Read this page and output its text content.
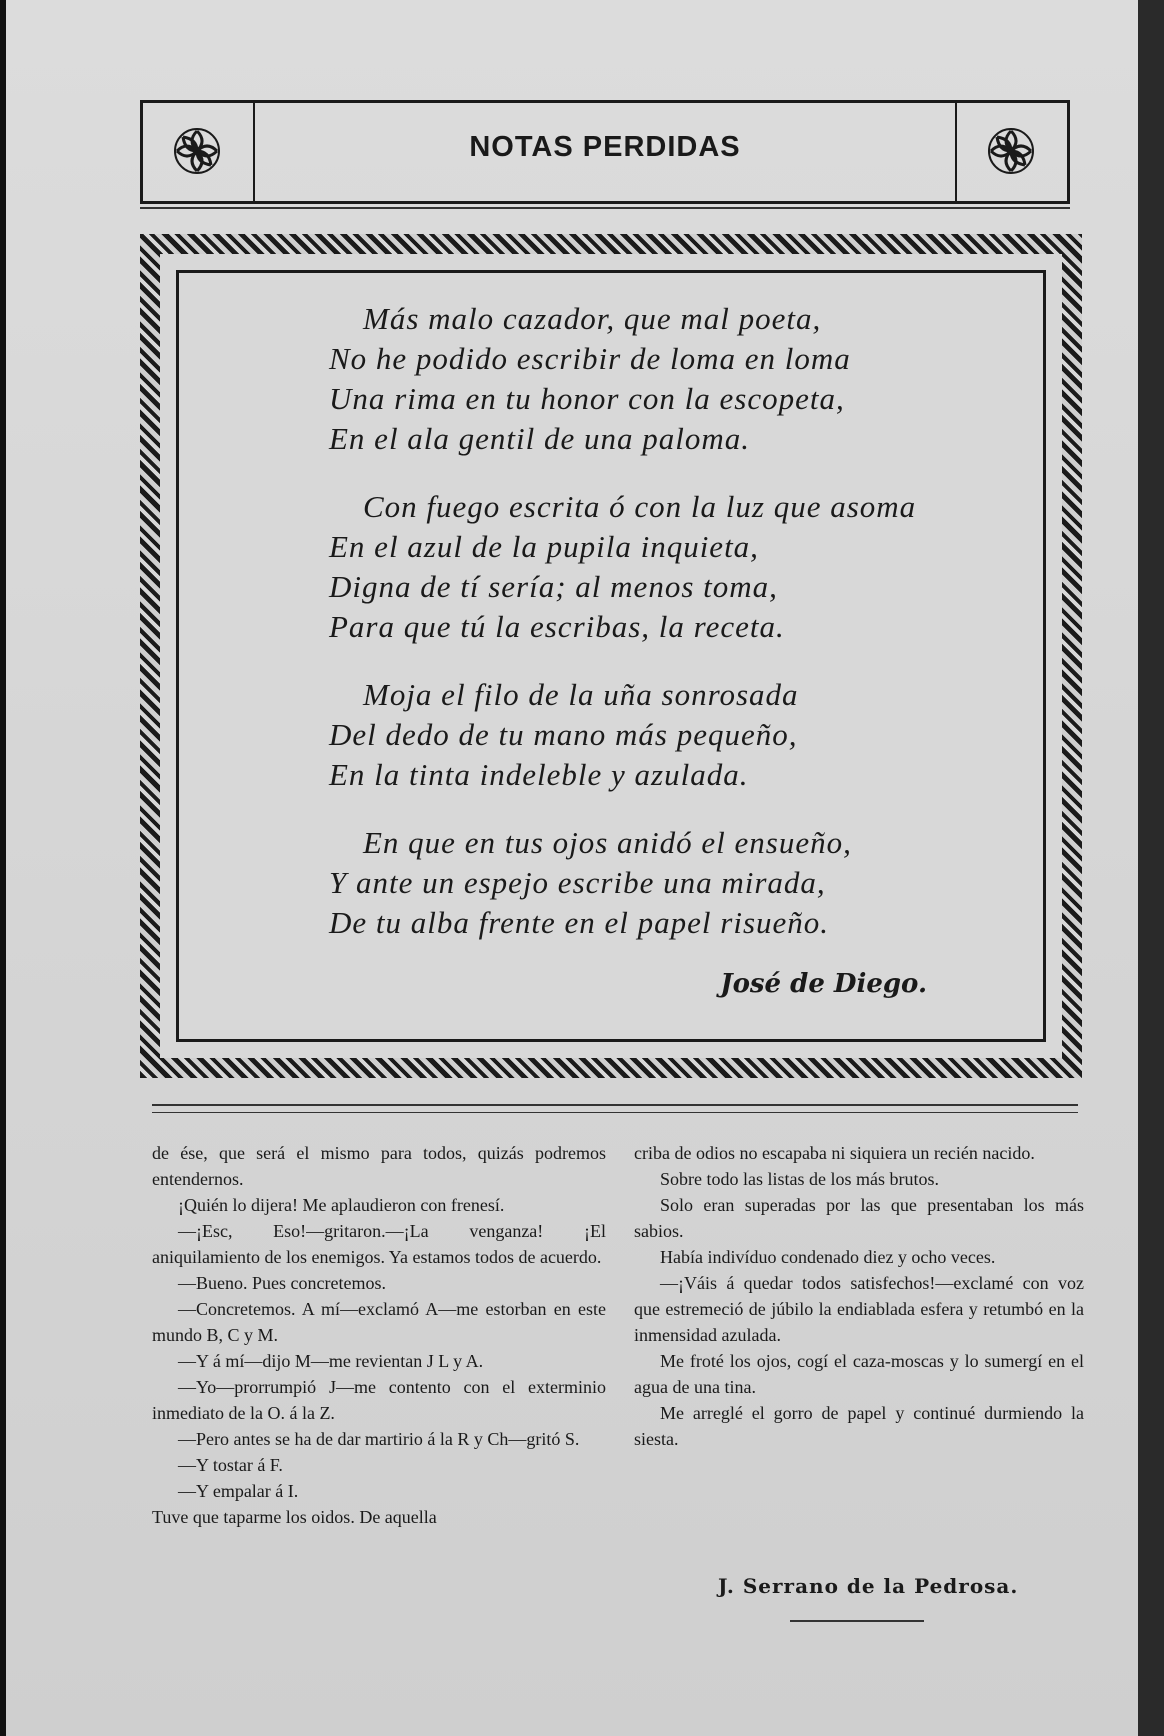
NOTAS PERDIDAS
Más malo cazador, que mal poeta,
No he podido escribir de loma en loma
Una rima en tu honor con la escopeta,
En el ala gentil de una paloma.
Con fuego escrita ó con la luz que asoma
En el azul de la pupila inquieta,
Digna de tí sería; al menos toma,
Para que tú la escribas, la receta.
Moja el filo de la uña sonrosada
Del dedo de tu mano más pequeño,
En la tinta indeleble y azulada.
En que en tus ojos anidó el ensueño,
Y ante un espejo escribe una mirada,
De tu alba frente en el papel risueño.
José de Diego.

de ése, que será el mismo para todos, quizás podremos entendernos.

¡Quién lo dijera! Me aplaudieron con frenesí.

—¡Esc, Eso!—gritaron.—¡La venganza! ¡El aniquilamiento de los enemigos. Ya estamos todos de acuerdo.

—Bueno. Pues concretemos.

—Concretemos. A mí—exclamó A—me estorban en este mundo B, C y M.

—Y á mí—dijo M—me revientan J L y A.

—Yo—prorrumpió J—me contento con el exterminio inmediato de la O. á la Z.

—Pero antes se ha de dar martirio á la R y Ch—gritó S.

—Y tostar á F.

—Y empalar á I.

Tuve que taparme los oidos. De aquella

criba de odios no escapaba ni siquiera un recién nacido.

Sobre todo las listas de los más brutos.

Solo eran superadas por las que presentaban los más sabios.

Había indivíduo condenado diez y ocho veces.

—¡Váis á quedar todos satisfechos!—exclamé con voz que estremeció de júbilo la endiablada esfera y retumbó en la inmensidad azulada.

Me froté los ojos, cogí el caza-moscas y lo sumergí en el agua de una tina.

Me arreglé el gorro de papel y continué durmiendo la siesta.

J. Serrano de la Pedrosa.
